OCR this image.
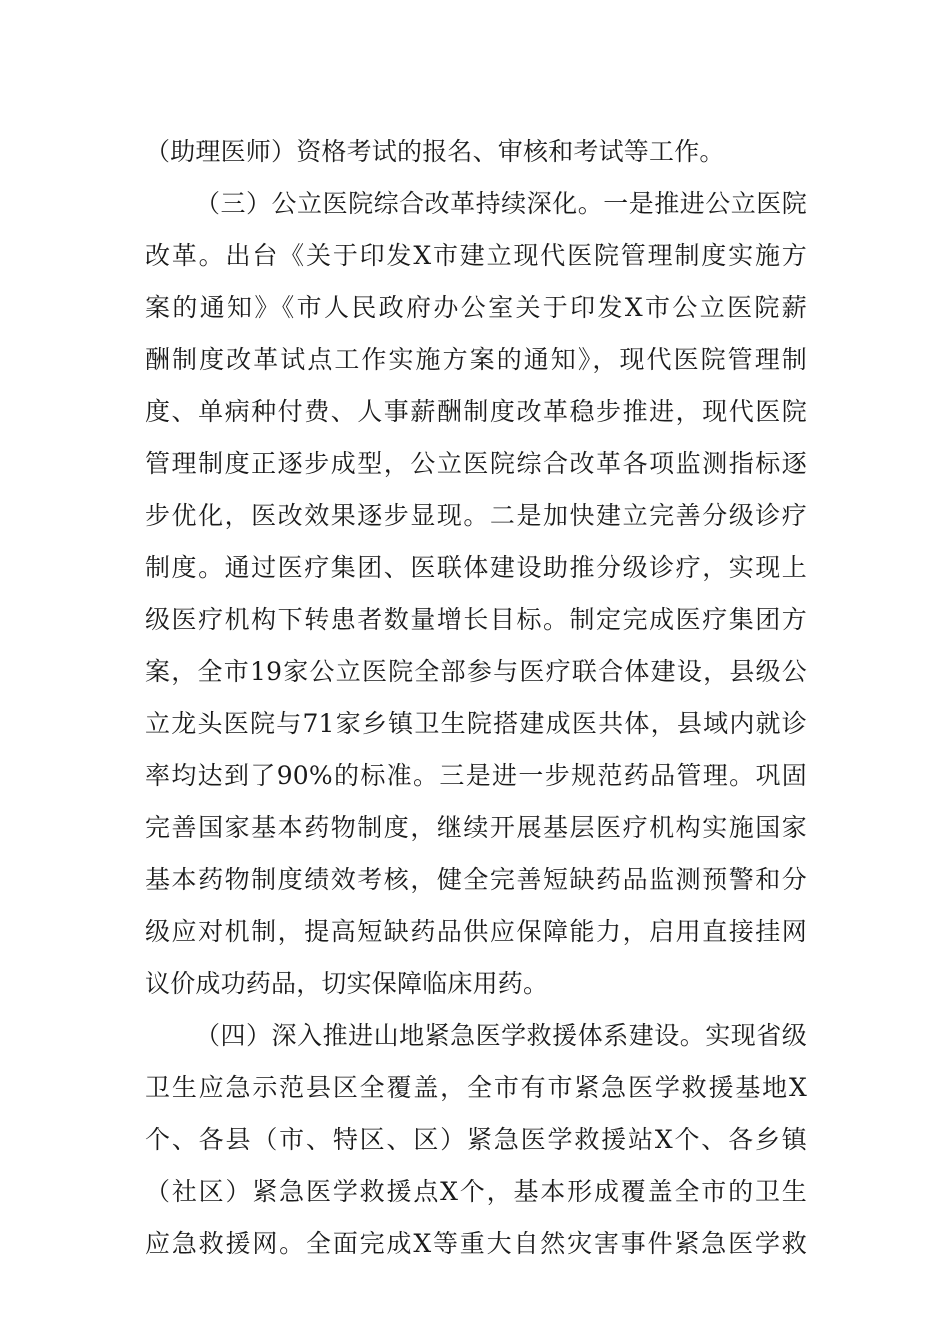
（助理医师）资格考试的报名、审核和考试等工作。
（三）公立医院综合改革持续深化。一是推进公立医院
改革。出台《关于印发X市建立现代医院管理制度实施方
案的通知》《市人民政府办公室关于印发X市公立医院薪
酬制度改革试点工作实施方案的通知》，现代医院管理制
度、单病种付费、人事薪酬制度改革稳步推进，现代医院
管理制度正逐步成型，公立医院综合改革各项监测指标逐
步优化，医改效果逐步显现。二是加快建立完善分级诊疗
制度。通过医疗集团、医联体建设助推分级诊疗，实现上
级医疗机构下转患者数量增长目标。制定完成医疗集团方
案，全市19家公立医院全部参与医疗联合体建设，县级公
立龙头医院与71家乡镇卫生院搭建成医共体，县域内就诊
率均达到了90%的标准。三是进一步规范药品管理。巩固
完善国家基本药物制度，继续开展基层医疗机构实施国家
基本药物制度绩效考核，健全完善短缺药品监测预警和分
级应对机制，提高短缺药品供应保障能力，启用直接挂网
议价成功药品，切实保障临床用药。
（四）深入推进山地紧急医学救援体系建设。实现省级
卫生应急示范县区全覆盖，全市有市紧急医学救援基地X
个、各县（市、特区、区）紧急医学救援站X个、各乡镇
（社区）紧急医学救援点X个，基本形成覆盖全市的卫生
应急救援网。全面完成X等重大自然灾害事件紧急医学救
